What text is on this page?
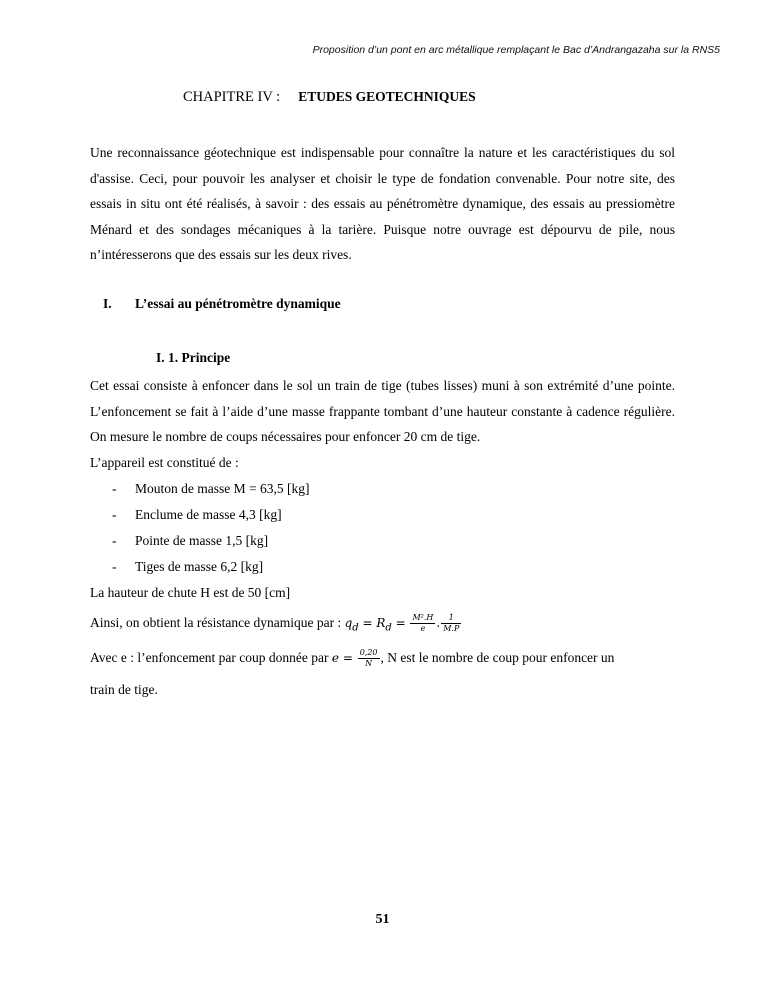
Proposition d’un pont en arc métallique remplaçant le Bac d’Andrangazaha sur la RNS5
CHAPITRE IV : ETUDES GEOTECHNIQUES

Une reconnaissance géotechnique est indispensable pour connaître la nature et les caractéristiques du sol d'assise. Ceci, pour pouvoir les analyser et choisir le type de fondation convenable. Pour notre site, des essais in situ ont été réalisés, à savoir : des essais au pénétromètre dynamique, des essais au pressiomètre Ménard et des sondages mécaniques à la tarière. Puisque notre ouvrage est dépourvu de pile, nous n’intéresserons que des essais sur les deux rives.

I. L’essai au pénétromètre dynamique
I. 1. Principe

Cet essai consiste à enfoncer dans le sol un train de tige (tubes lisses) muni à son extrémité d’une pointe. L’enfoncement se fait à l’aide d’une masse frappante tombant d’une hauteur constante à cadence régulière. On mesure le nombre de coups nécessaires pour enfoncer 20 cm de tige.

L’appareil est constitué de :
- Mouton de masse M = 63,5 [kg]
- Enclume de masse 4,3 [kg]
- Pointe de masse 1,5 [kg]
- Tiges de masse 6,2 [kg]
La hauteur de chute H est de 50 [cm]
Ainsi, on obtient la résistance dynamique par : $q_d = R_d = \frac{\text{M².H}}{e}$ . $\frac{1}{M.P}$
Avec e : l’enfoncement par coup donnée par $e = \frac{0,20}{N}$ , N est le nombre de coup pour enfoncer un
train de tige.
51
